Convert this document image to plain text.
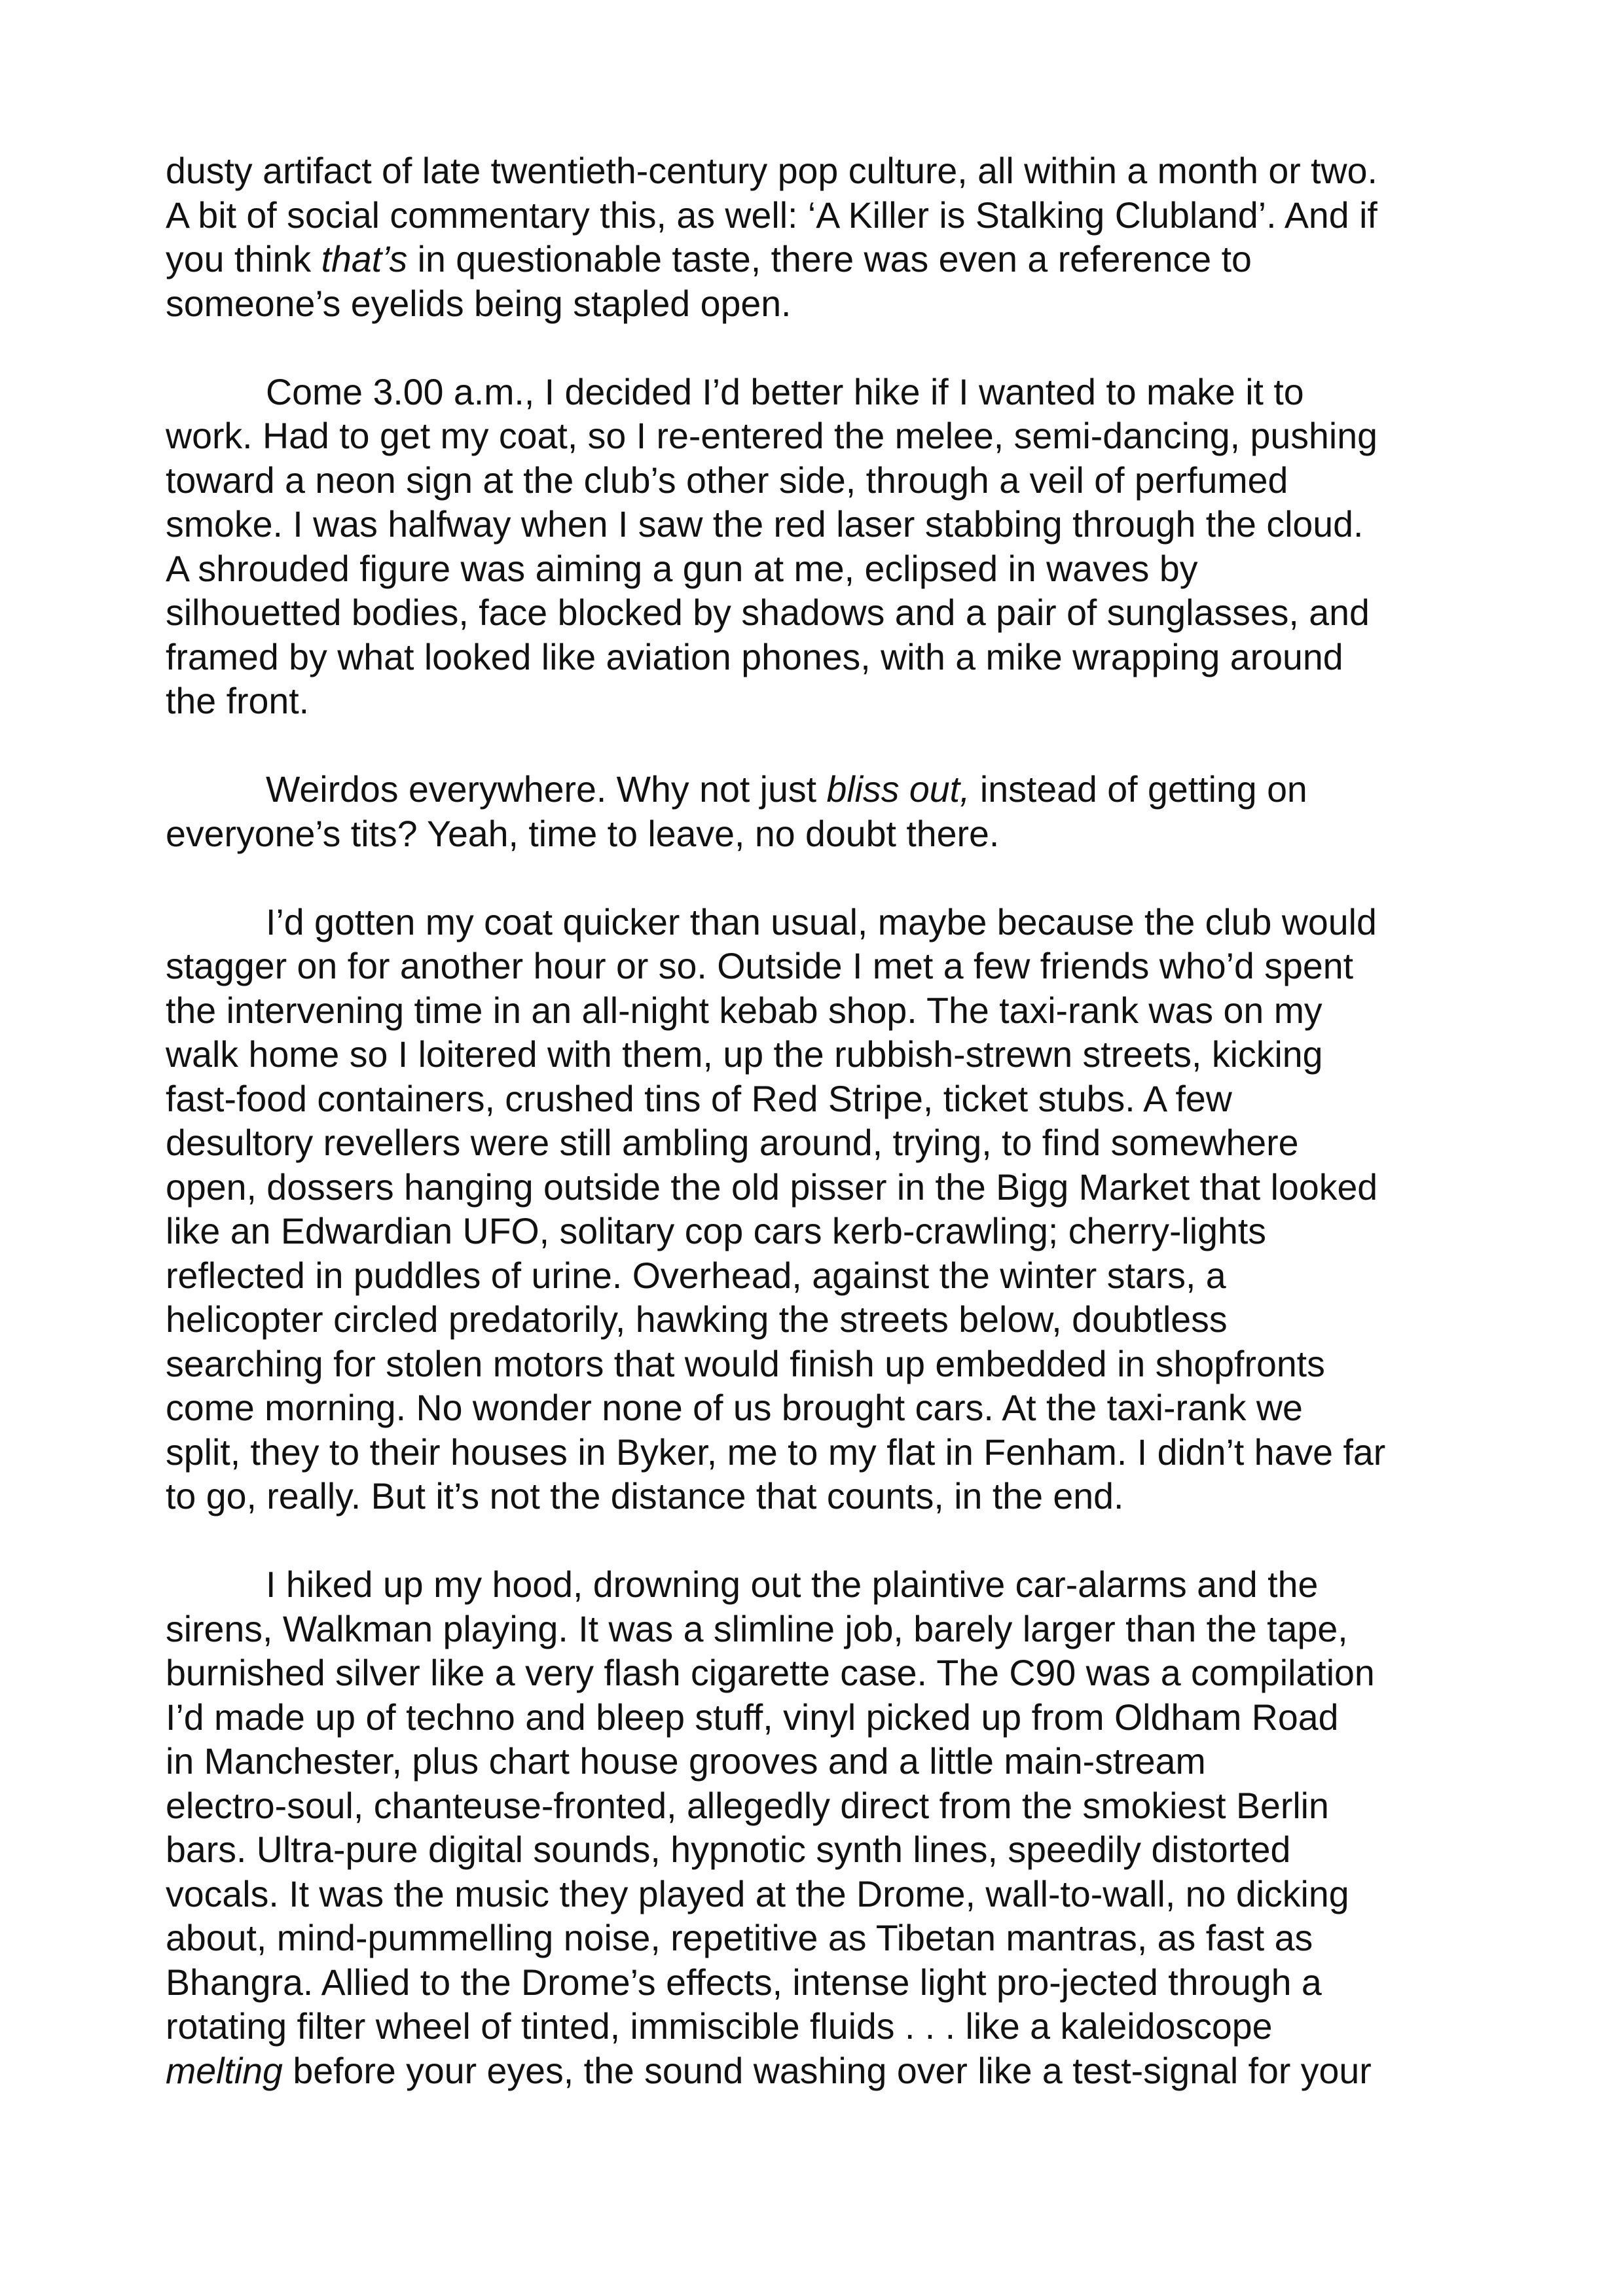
dusty artifact of late twentieth-century pop culture, all within a month or two.
A bit of social commentary this, as well: ‘A Killer is Stalking Clubland’. And if
you think that’s in questionable taste, there was even a reference to
someone’s eyelids being stapled open.
Come 3.00 a.m., I decided I’d better hike if I wanted to make it to
work. Had to get my coat, so I re-entered the melee, semi-dancing, pushing
toward a neon sign at the club’s other side, through a veil of perfumed
smoke. I was halfway when I saw the red laser stabbing through the cloud.
A shrouded figure was aiming a gun at me, eclipsed in waves by
silhouetted bodies, face blocked by shadows and a pair of sunglasses, and
framed by what looked like aviation phones, with a mike wrapping around
the front.
Weirdos everywhere. Why not just bliss out, instead of getting on
everyone’s tits? Yeah, time to leave, no doubt there.
I’d gotten my coat quicker than usual, maybe because the club would
stagger on for another hour or so. Outside I met a few friends who’d spent
the intervening time in an all-night kebab shop. The taxi-rank was on my
walk home so I loitered with them, up the rubbish-strewn streets, kicking
fast-food containers, crushed tins of Red Stripe, ticket stubs. A few
desultory revellers were still ambling around, trying, to find somewhere
open, dossers hanging outside the old pisser in the Bigg Market that looked
like an Edwardian UFO, solitary cop cars kerb-crawling; cherry-lights
reflected in puddles of urine. Overhead, against the winter stars, a
helicopter circled predatorily, hawking the streets below, doubtless
searching for stolen motors that would finish up embedded in shopfronts
come morning. No wonder none of us brought cars. At the taxi-rank we
split, they to their houses in Byker, me to my flat in Fenham. I didn’t have far
to go, really. But it’s not the distance that counts, in the end.
I hiked up my hood, drowning out the plaintive car-alarms and the
sirens, Walkman playing. It was a slimline job, barely larger than the tape,
burnished silver like a very flash cigarette case. The C90 was a compilation
I’d made up of techno and bleep stuff, vinyl picked up from Oldham Road
in Manchester, plus chart house grooves and a little main-stream
electro-soul, chanteuse-fronted, allegedly direct from the smokiest Berlin
bars. Ultra-pure digital sounds, hypnotic synth lines, speedily distorted
vocals. It was the music they played at the Drome, wall-to-wall, no dicking
about, mind-pummelling noise, repetitive as Tibetan mantras, as fast as
Bhangra. Allied to the Drome’s effects, intense light pro-jected through a
rotating filter wheel of tinted, immiscible fluids . . . like a kaleidoscope
melting before your eyes, the sound washing over like a test-signal for your
